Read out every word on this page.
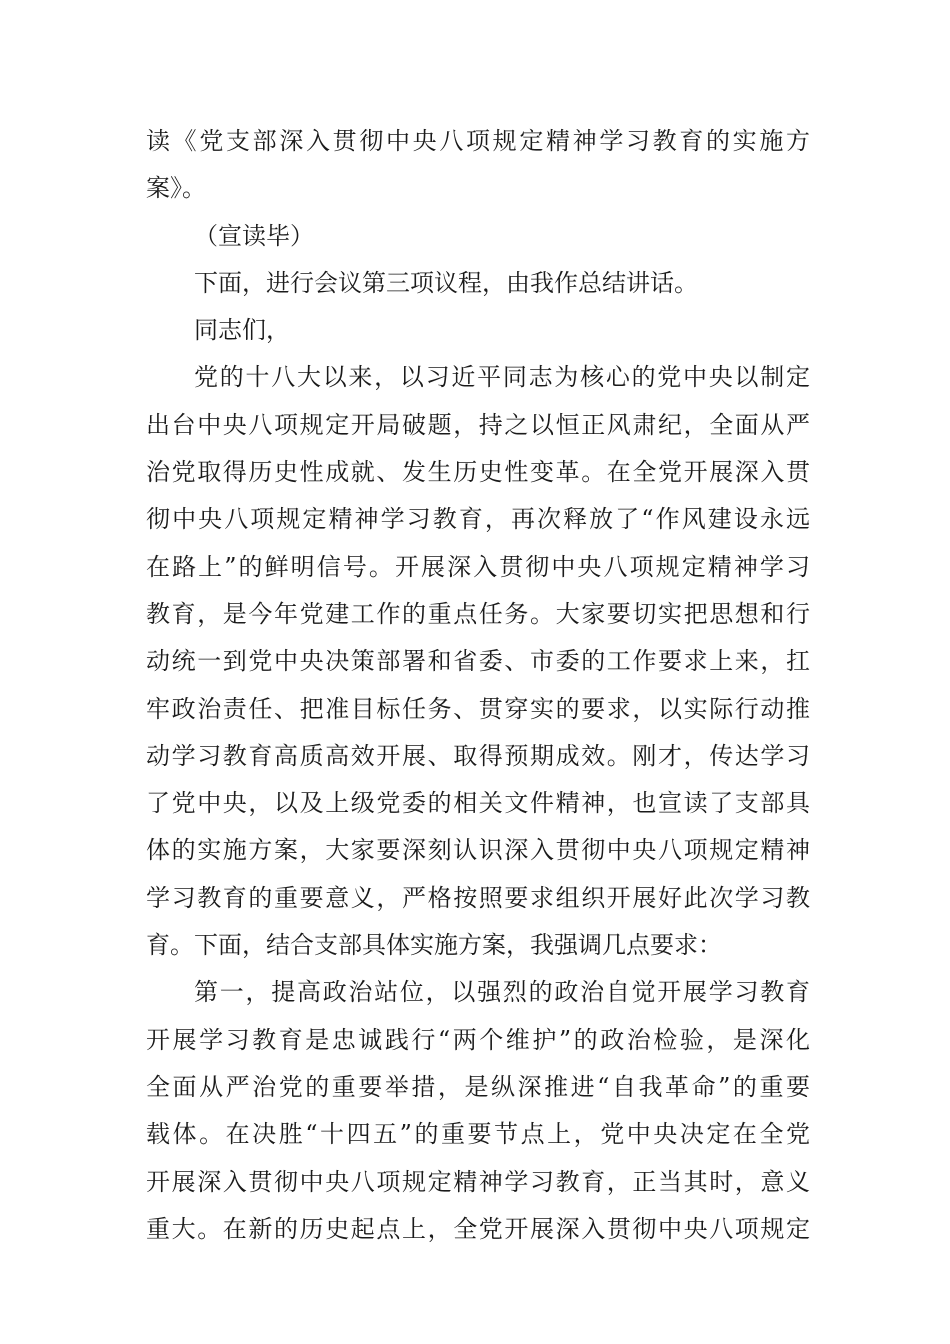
读《党支部深入贯彻中央八项规定精神学习教育的实施方
案》。
（宣读毕）
下面，进行会议第三项议程，由我作总结讲话。
同志们，
党的十八大以来，以习近平同志为核心的党中央以制定
出台中央八项规定开局破题，持之以恒正风肃纪，全面从严
治党取得历史性成就、发生历史性变革。在全党开展深入贯
彻中央八项规定精神学习教育，再次释放了“作风建设永远
在路上”的鲜明信号。开展深入贯彻中央八项规定精神学习
教育，是今年党建工作的重点任务。大家要切实把思想和行
动统一到党中央决策部署和省委、市委的工作要求上来，扛
牢政治责任、把准目标任务、贯穿实的要求，以实际行动推
动学习教育高质高效开展、取得预期成效。刚才，传达学习
了党中央，以及上级党委的相关文件精神，也宣读了支部具
体的实施方案，大家要深刻认识深入贯彻中央八项规定精神
学习教育的重要意义，严格按照要求组织开展好此次学习教
育。下面，结合支部具体实施方案，我强调几点要求：
第一，提高政治站位，以强烈的政治自觉开展学习教育
开展学习教育是忠诚践行“两个维护”的政治检验，是深化
全面从严治党的重要举措，是纵深推进“自我革命”的重要
载体。在决胜“十四五”的重要节点上，党中央决定在全党
开展深入贯彻中央八项规定精神学习教育，正当其时，意义
重大。在新的历史起点上，全党开展深入贯彻中央八项规定
